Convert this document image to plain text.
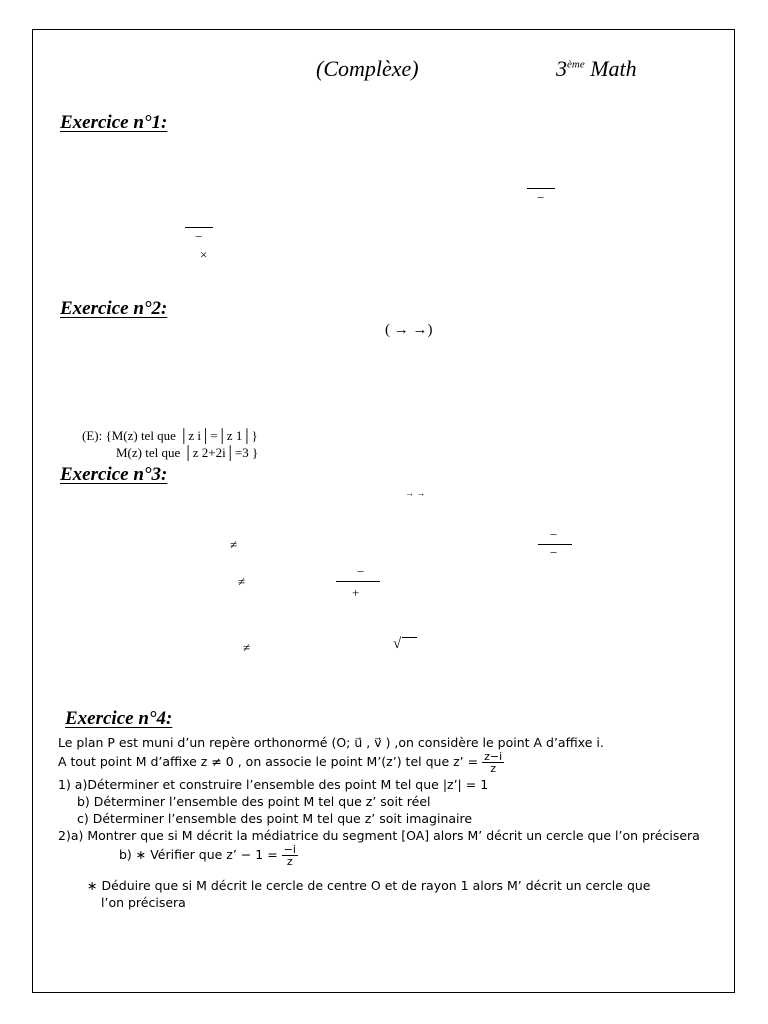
(Complèxe)	3ème Math
Exercice n°1:
−
−
×
Exercice n°2:
( → →)
(E): {M(z) tel que │z i│=│z 1│}
M(z) tel que │z 2+2i│=3 }
Exercice n°3:
→ →
−
−
≠
≠
−
+
≠	√
Exercice n°4:
Le plan P est muni d’un repère orthonormé (O; u⃗ , v⃗ ) ,on considère le point A d’affixe i.
A tout point M d’affixe z ≠ 0 , on associe le point M’(z’) tel que z’ = $\frac{z-i}{z}$
1) a)Déterminer et construire l’ensemble des point M tel que |z’| = 1
b) Déterminer l’ensemble des point M tel que z’ soit réel
c) Déterminer l’ensemble des point M tel que z’ soit imaginaire
2)a) Montrer que si M décrit la médiatrice du segment [OA] alors M’ décrit un cercle que l’on précisera
b) ∗ Vérifier que z’ − $1 = \frac{-i}{z}$
∗ Déduire que si M décrit le cercle de centre O et de rayon 1 alors M’ décrit un cercle que
l’on précisera
